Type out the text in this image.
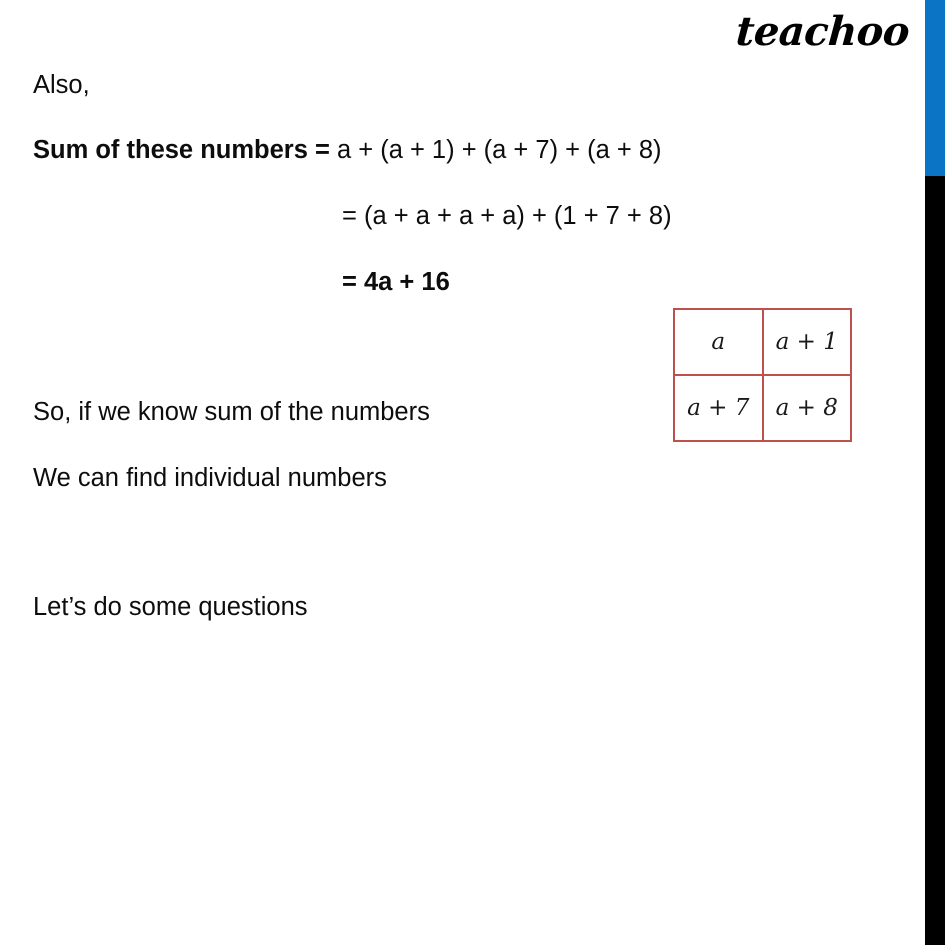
teachoo
Also,
Sum of these numbers = a + (a + 1) + (a + 7) + (a + 8)
= (a + a + a + a) + (1 + 7 + 8)
= 4a + 16
So, if we know sum of the numbers
We can find individual numbers
Let’s do some questions
a	a + 1
a + 7	a + 8
